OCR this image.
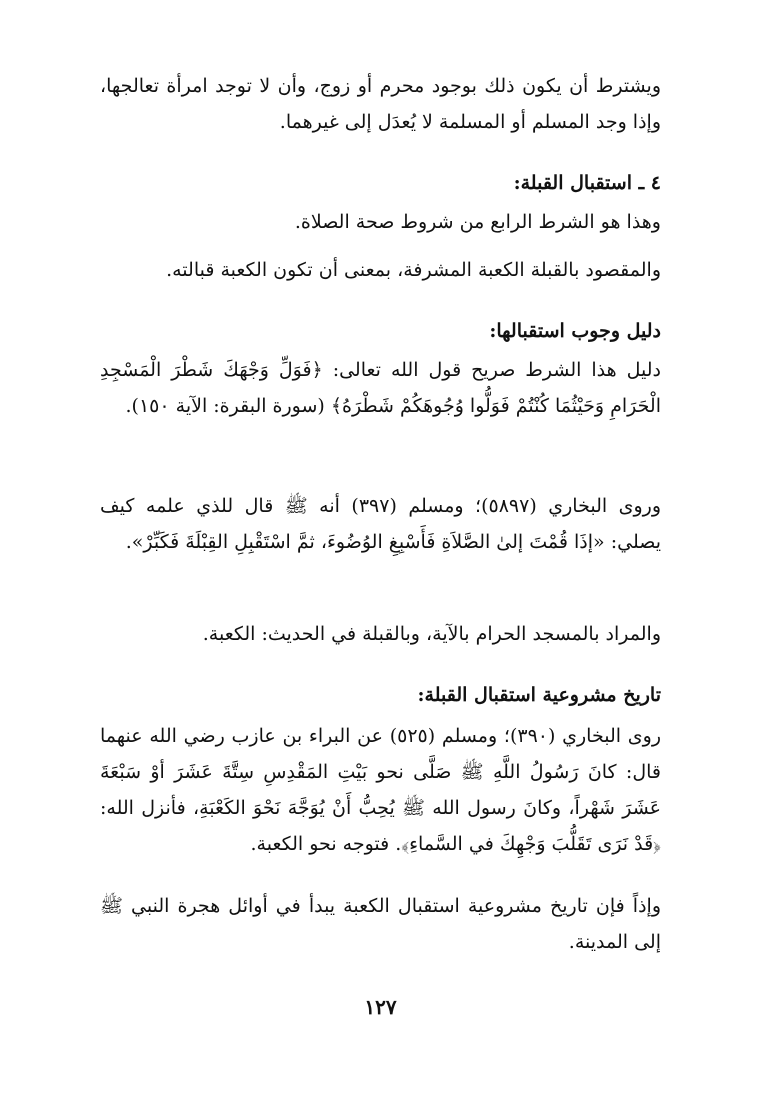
ويشترط أن يكون ذلك بوجود محرم أو زوج، وأن لا توجد امرأة تعالجها، وإذا وجد المسلم أو المسلمة لا يُعدَل إلى غيرهما.

٤ ـ استقبال القبلة:

وهذا هو الشرط الرابع من شروط صحة الصلاة.

والمقصود بالقبلة الكعبة المشرفة، بمعنى أن تكون الكعبة قبالته.

دليل وجوب استقبالها:

دليل هذا الشرط صريح قول الله تعالى: ﴿فَوَلِّ وَجْهَكَ شَطْرَ الْمَسْجِدِ الْحَرَامِ وَحَيْثُمَا كُنْتُمْ فَوَلُّوا وُجُوهَكُمْ شَطْرَهُ﴾ (سورة البقرة: الآية ١٥٠).

وروى البخاري (٥٨٩٧)؛ ومسلم (٣٩٧) أنه ﷺ قال للذي علمه كيف يصلي: «إذَا قُمْتَ إلىٰ الصَّلاَةِ فَأَسْبِغِ الوُضُوءَ، ثمَّ اسْتَقْبِلِ القِبْلَةَ فَكَبِّرْ».

والمراد بالمسجد الحرام بالآية، وبالقبلة في الحديث: الكعبة.

تاريخ مشروعية استقبال القبلة:

روى البخاري (٣٩٠)؛ ومسلم (٥٢٥) عن البراء بن عازب رضي الله عنهما قال: كانَ رَسُولُ اللَّهِ ﷺ صَلَّى نحو بَيْتِ المَقْدِسِ سِتَّةَ عَشَرَ أوْ سَبْعَةَ عَشَرَ شَهْراً، وكانَ رسول الله ﷺ يُحِبُّ أَنْ يُوَجَّهَ نَحْوَ الكَعْبَةِ، فأنزل الله: ﴿قَدْ نَرَى تَقَلُّبَ وَجْهِكَ في السَّماءِ﴾. فتوجه نحو الكعبة.

وإذاً فإن تاريخ مشروعية استقبال الكعبة يبدأ في أوائل هجرة النبي ﷺ إلى المدينة.

١٢٧
